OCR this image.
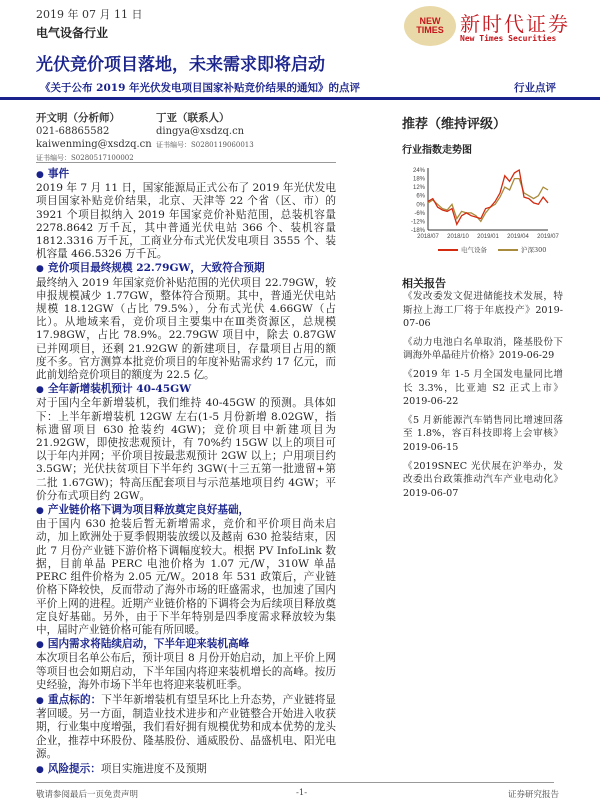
2019 年 07 月 11 日
电气设备行业
NEW
TIMES 新时代证券
New Times Securities
光伏竞价项目落地，未来需求即将启动
《关于公布 2019 年光伏发电项目国家补贴竞价结果的通知》的点评	行业点评
开文明（分析师）
021-68865582
kaiwenming@xsdzq.cn
证书编号：S0280517100002
丁亚（联系人）
dingya@xsdzq.cn
证书编号：S0280119060013
● 事件
2019 年 7 月 11 日，国家能源局正式公布了 2019 年光伏发电项目国家补贴竞价结果，北京、天津等 22 个省（区、市）的 3921 个项目拟纳入 2019 年国家竞价补贴范围，总装机容量 2278.8642 万千瓦，其中普通光伏电站 366 个、装机容量 1812.3316 万千瓦，工商业分布式光伏发电项目 3555 个、装机容量 466.5326 万千瓦。
● 竞价项目最终规模 22.79GW，大致符合预期
最终纳入 2019 年国家竞价补贴范围的光伏项目 22.79GW，较申报规模减少 1.77GW，整体符合预期。其中，普通光伏电站规模 18.12GW（占比 79.5%），分布式光伏 4.66GW（占比）。从地域来看，竞价项目主要集中在Ⅲ类资源区，总规模 17.98GW，占比 78.9%。22.79GW 项目中，除去 0.87GW 已并网项目，还剩 21.92GW 的新建项目，存量项目占用的额度不多。官方测算本批竞价项目的年度补贴需求约 17 亿元，而此前划给竞价项目的额度为 22.5 亿。
● 全年新增装机预计 40-45GW
对于国内全年新增装机，我们维持 40-45GW 的预测。具体如下：上半年新增装机 12GW 左右(1-5 月份新增 8.02GW，指标遗留项目 630 抢装约 4GW)；竞价项目中新建项目为 21.92GW，即使按悲观预计，有 70%约 15GW 以上的项目可以于年内并网；平价项目按最悲观预计 2GW 以上；户用项目约 3.5GW；光伏扶贫项目下半年约 3GW(十三五第一批遗留+第二批 1.67GW)；特高压配套项目与示范基地项目约 4GW；平价分布式项目约 2GW。
● 产业链价格下调为项目释放奠定良好基础，
由于国内 630 抢装后暂无新增需求，竞价和平价项目尚未启动，加上欧洲处于夏季假期装放缓以及越南 630 抢装结束，因此 7 月份产业链下游价格下调幅度较大。根据 PV InfoLink 数据，目前单晶 PERC 电池价格为 1.07 元/W，310W 单晶 PERC 组件价格为 2.05 元/W。2018 年 531 政策后，产业链价格下降较快，反而带动了海外市场的旺盛需求，也加速了国内平价上网的进程。近期产业链价格的下调将会为后续项目释放奠定良好基础。另外，由于下半年特别是四季度需求释放较为集中，届时产业链价格可能有所回暖。
● 国内需求将陆续启动，下半年迎来装机高峰
本次项目名单公布后，预计项目 8 月份开始启动，加上平价上网等项目也会如期启动，下半年国内将迎来装机增长的高峰。按历史经验，海外市场下半年也将迎来装机旺季。
● 重点标的：下半年新增装机有望呈环比上升态势，产业链将显著回暖。另一方面，制造业技术进步和产业链整合开始进入收获期，行业集中度增强，我们看好拥有规模优势和成本优势的龙头企业，推荐中环股份、隆基股份、通威股份、晶盛机电、阳光电源。
● 风险提示：项目实施进度不及预期
推荐（维持评级）
行业指数走势图
24%
18%
12%
6%
0%
-6%
-12%
-18%
2018/07 2018/10 2019/01 2019/04 2019/07
电气设备	沪深300
相关报告
《发改委发文促进储能技术发展，特斯拉上海工厂将于年底投产》2019-07-06
《动力电池白名单取消，隆基股份下调海外单晶硅片价格》2019-06-29
《2019 年 1-5 月全国发电量同比增长 3.3%，比亚迪 S2 正式上市》2019-06-22
《5 月新能源汽车销售同比增速回落至 1.8%，容百科技即将上会审核》2019-06-15
《2019SNEC 光伏展在沪举办，发改委出台政策推动汽车产业电动化》2019-06-07
敬请参阅最后一页免责声明	-1-	证券研究报告
